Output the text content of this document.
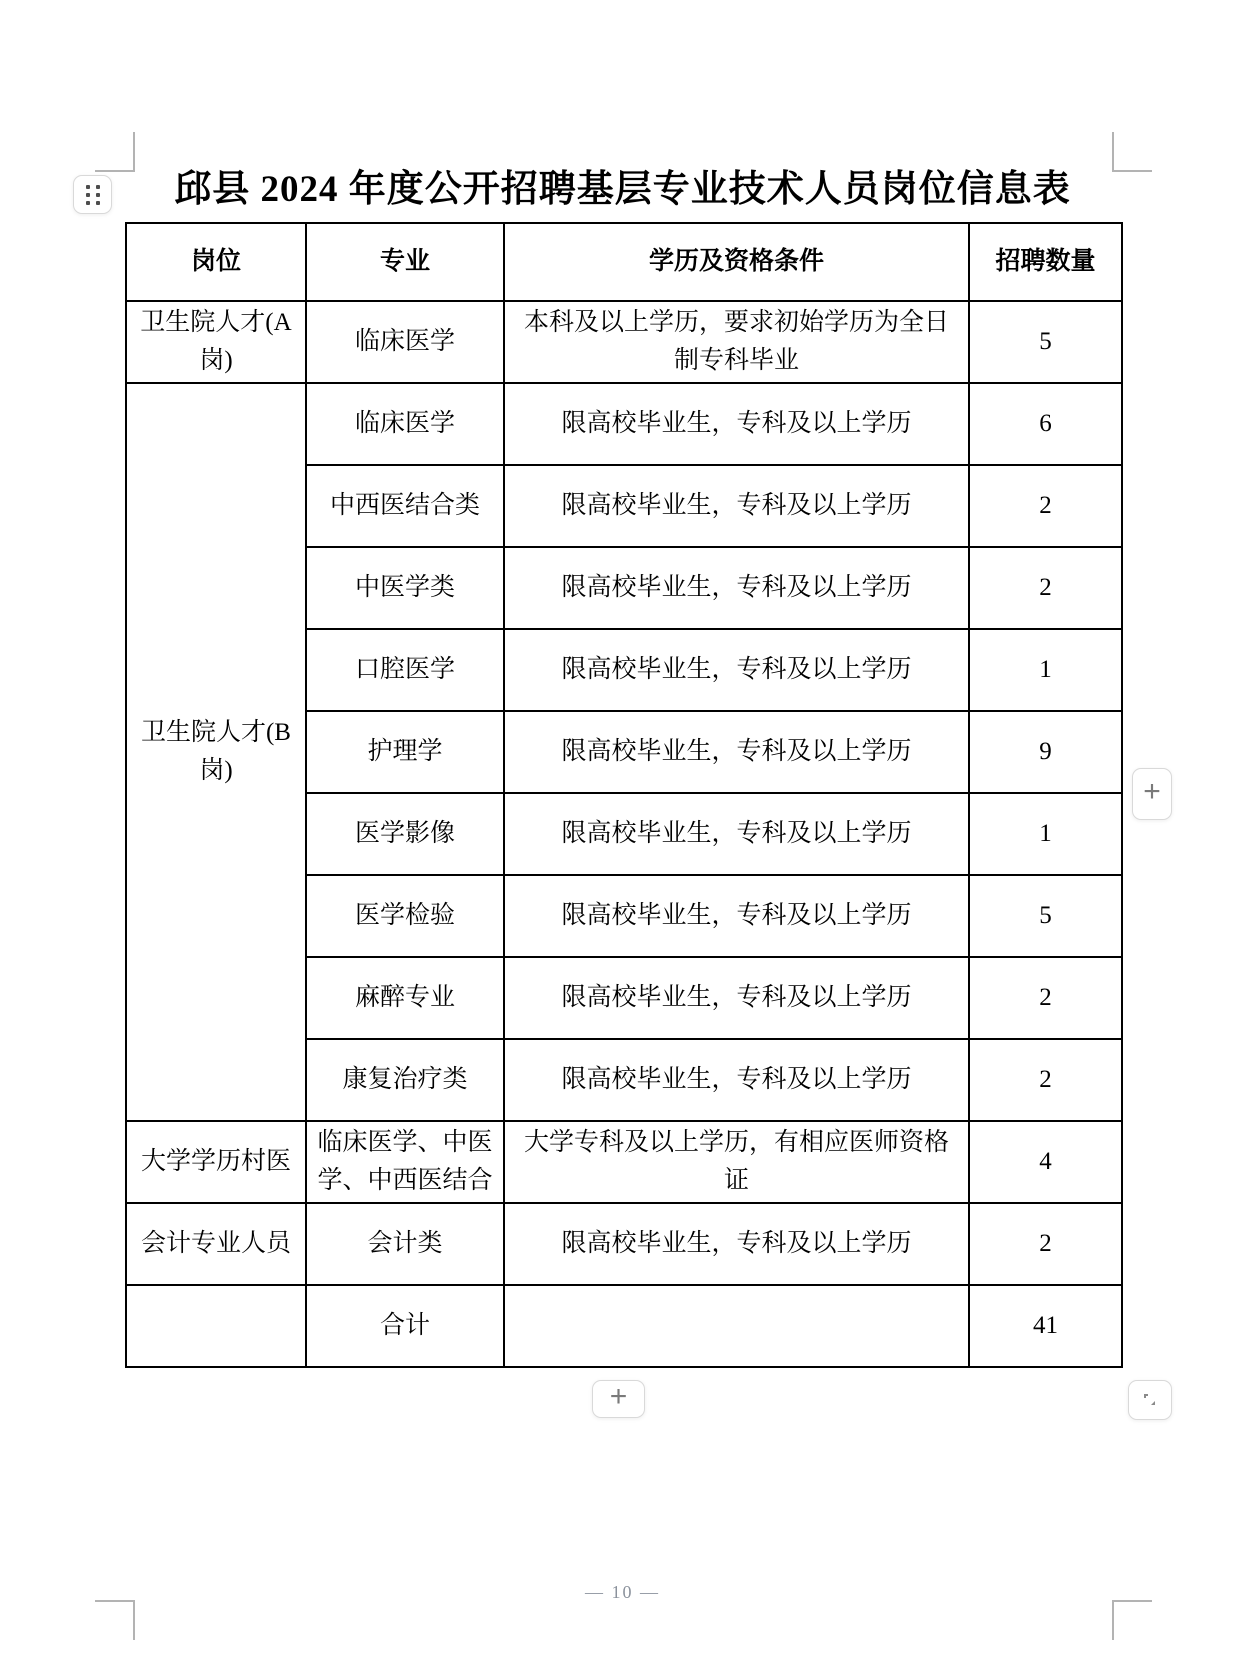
邱县 2024 年度公开招聘基层专业技术人员岗位信息表
岗位	专业	学历及资格条件	招聘数量
卫生院人才(A岗)	临床医学	本科及以上学历，要求初始学历为全日制专科毕业	5
卫生院人才(B岗)	临床医学	限高校毕业生，专科及以上学历	6
	中西医结合类	限高校毕业生，专科及以上学历	2
	中医学类	限高校毕业生，专科及以上学历	2
	口腔医学	限高校毕业生，专科及以上学历	1
	护理学	限高校毕业生，专科及以上学历	9
	医学影像	限高校毕业生，专科及以上学历	1
	医学检验	限高校毕业生，专科及以上学历	5
	麻醉专业	限高校毕业生，专科及以上学历	2
	康复治疗类	限高校毕业生，专科及以上学历	2
大学学历村医	临床医学、中医学、中西医结合	大学专科及以上学历，有相应医师资格证	4
会计专业人员	会计类	限高校毕业生，专科及以上学历	2
	合计		41
+
+
— 10 —
